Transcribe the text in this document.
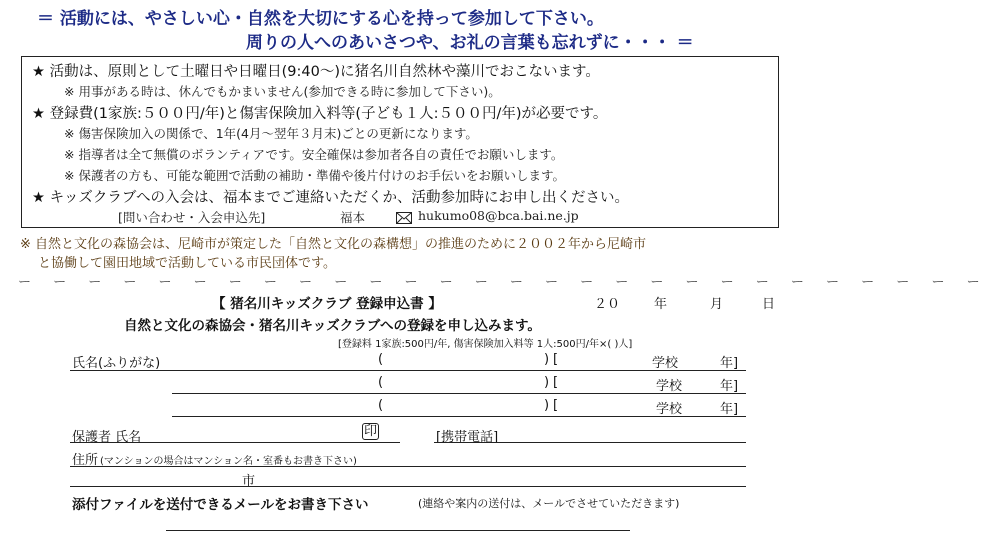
＝ 活動には、やさしい心・自然を大切にする心を持って参加して下さい。
周りの人へのあいさつや、お礼の言葉も忘れずに・・・ ＝
★ 活動は、原則として土曜日や日曜日(9:40～)に猪名川自然林や藻川でおこないます。
※ 用事がある時は、休んでもかまいません(参加できる時に参加して下さい)。
★ 登録費(1家族:５００円/年)と傷害保険加入料等(子ども１人:５００円/年)が必要です。
※ 傷害保険加入の関係で、1年(4月～翌年３月末)ごとの更新になります。
※ 指導者は全て無償のボランティアです。安全確保は参加者各自の責任でお願いします。
※ 保護者の方も、可能な範囲で活動の補助・準備や後片付けのお手伝いをお願いします。
★ キッズクラブへの入会は、福本までご連絡いただくか、活動参加時にお申し出ください。
[問い合わせ・入会申込先]	福本	hukumo08@bca.bai.ne.jp
※ 自然と文化の森協会は、尼崎市が策定した「自然と文化の森構想」の推進のために２００２年から尼崎市
と協働して園田地域で活動している市民団体です。
ー ー ー ー ー ー ー ー ー ー ー ー ー ー ー ー ー ー ー ー ー ー ー ー ー ー ー ー
【 猪名川キッズクラブ 登録申込書 】	２０	年	月	日
自然と文化の森協会・猪名川キッズクラブへの登録を申し込みます。
[登録料 1家族:500円/年, 傷害保険加入料等 1人:500円/年×( )人]
氏名(ふりがな)	(	) [	学校	年]
(	) [	学校	年]
(	) [	学校	年]
保護者 氏名	印	[携帯電話]
住所 (マンションの場合はマンション名・室番もお書き下さい)
市
添付ファイルを送付できるメールをお書き下さい	(連絡や案内の送付は、メールでさせていただきます)
